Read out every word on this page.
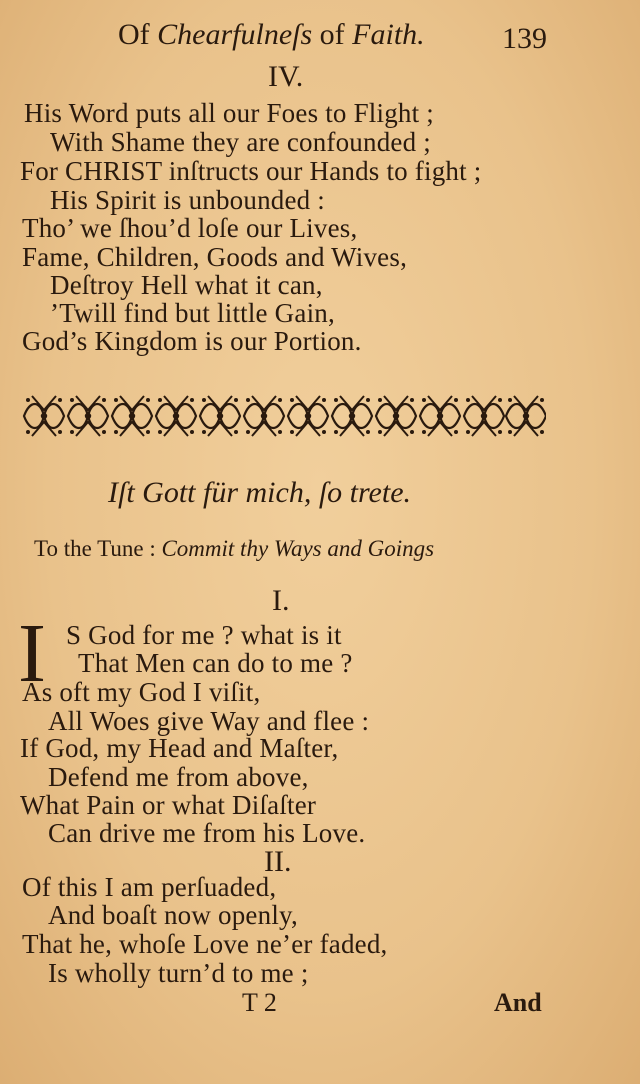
Of Chearfulneſs of Faith.	139
IV.
His Word puts all our Foes to Flight ;
With Shame they are confounded ;
For CHRIST inſtructs our Hands to fight ;
His Spirit is unbounded :
Tho’ we ſhou’d loſe our Lives,
Fame, Children, Goods and Wives,
Deſtroy Hell what it can,
’Twill find but little Gain,
God’s Kingdom is our Portion.
Iſt Gott für mich, ſo trete.
To the Tune : Commit thy Ways and Goings
I.
I S God for me ? what is it
That Men can do to me ?
As oft my God I viſit,
All Woes give Way and flee :
If God, my Head and Maſter,
Defend me from above,
What Pain or what Diſaſter
Can drive me from his Love.
II.
Of this I am perſuaded,
And boaſt now openly,
That he, whoſe Love ne’er faded,
Is wholly turn’d to me ;
T 2	And
